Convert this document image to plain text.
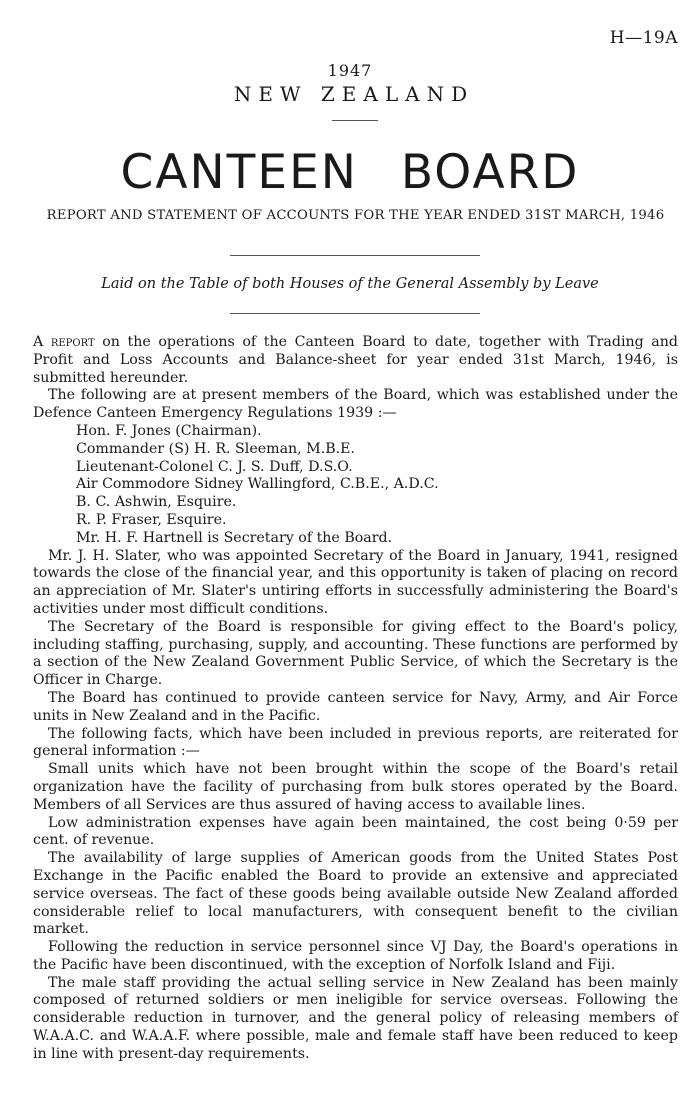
H—19A
1947
NEW ZEALAND
CANTEEN BOARD
REPORT AND STATEMENT OF ACCOUNTS FOR THE YEAR ENDED 31ST MARCH, 1946
Laid on the Table of both Houses of the General Assembly by Leave

A report on the operations of the Canteen Board to date, together with Trading and Profit and Loss Accounts and Balance-sheet for year ended 31st March, 1946, is submitted hereunder.

The following are at present members of the Board, which was established under the Defence Canteen Emergency Regulations 1939 :—

Hon. F. Jones (Chairman).
Commander (S) H. R. Sleeman, M.B.E.
Lieutenant-Colonel C. J. S. Duff, D.S.O.
Air Commodore Sidney Wallingford, C.B.E., A.D.C.
B. C. Ashwin, Esquire.
R. P. Fraser, Esquire.
Mr. H. F. Hartnell is Secretary of the Board.

Mr. J. H. Slater, who was appointed Secretary of the Board in January, 1941, resigned towards the close of the financial year, and this opportunity is taken of placing on record an appreciation of Mr. Slater's untiring efforts in successfully administering the Board's activities under most difficult conditions.

The Secretary of the Board is responsible for giving effect to the Board's policy, including staffing, purchasing, supply, and accounting. These functions are performed by a section of the New Zealand Government Public Service, of which the Secretary is the Officer in Charge.

The Board has continued to provide canteen service for Navy, Army, and Air Force units in New Zealand and in the Pacific.

The following facts, which have been included in previous reports, are reiterated for general information :—

Small units which have not been brought within the scope of the Board's retail organization have the facility of purchasing from bulk stores operated by the Board. Members of all Services are thus assured of having access to available lines.

Low administration expenses have again been maintained, the cost being 0·59 per cent. of revenue.

The availability of large supplies of American goods from the United States Post Exchange in the Pacific enabled the Board to provide an extensive and appreciated service overseas. The fact of these goods being available outside New Zealand afforded considerable relief to local manufacturers, with consequent benefit to the civilian market.

Following the reduction in service personnel since VJ Day, the Board's operations in the Pacific have been discontinued, with the exception of Norfolk Island and Fiji.

The male staff providing the actual selling service in New Zealand has been mainly composed of returned soldiers or men ineligible for service overseas. Following the considerable reduction in turnover, and the general policy of releasing members of W.A.A.C. and W.A.A.F. where possible, male and female staff have been reduced to keep in line with present-day requirements.
